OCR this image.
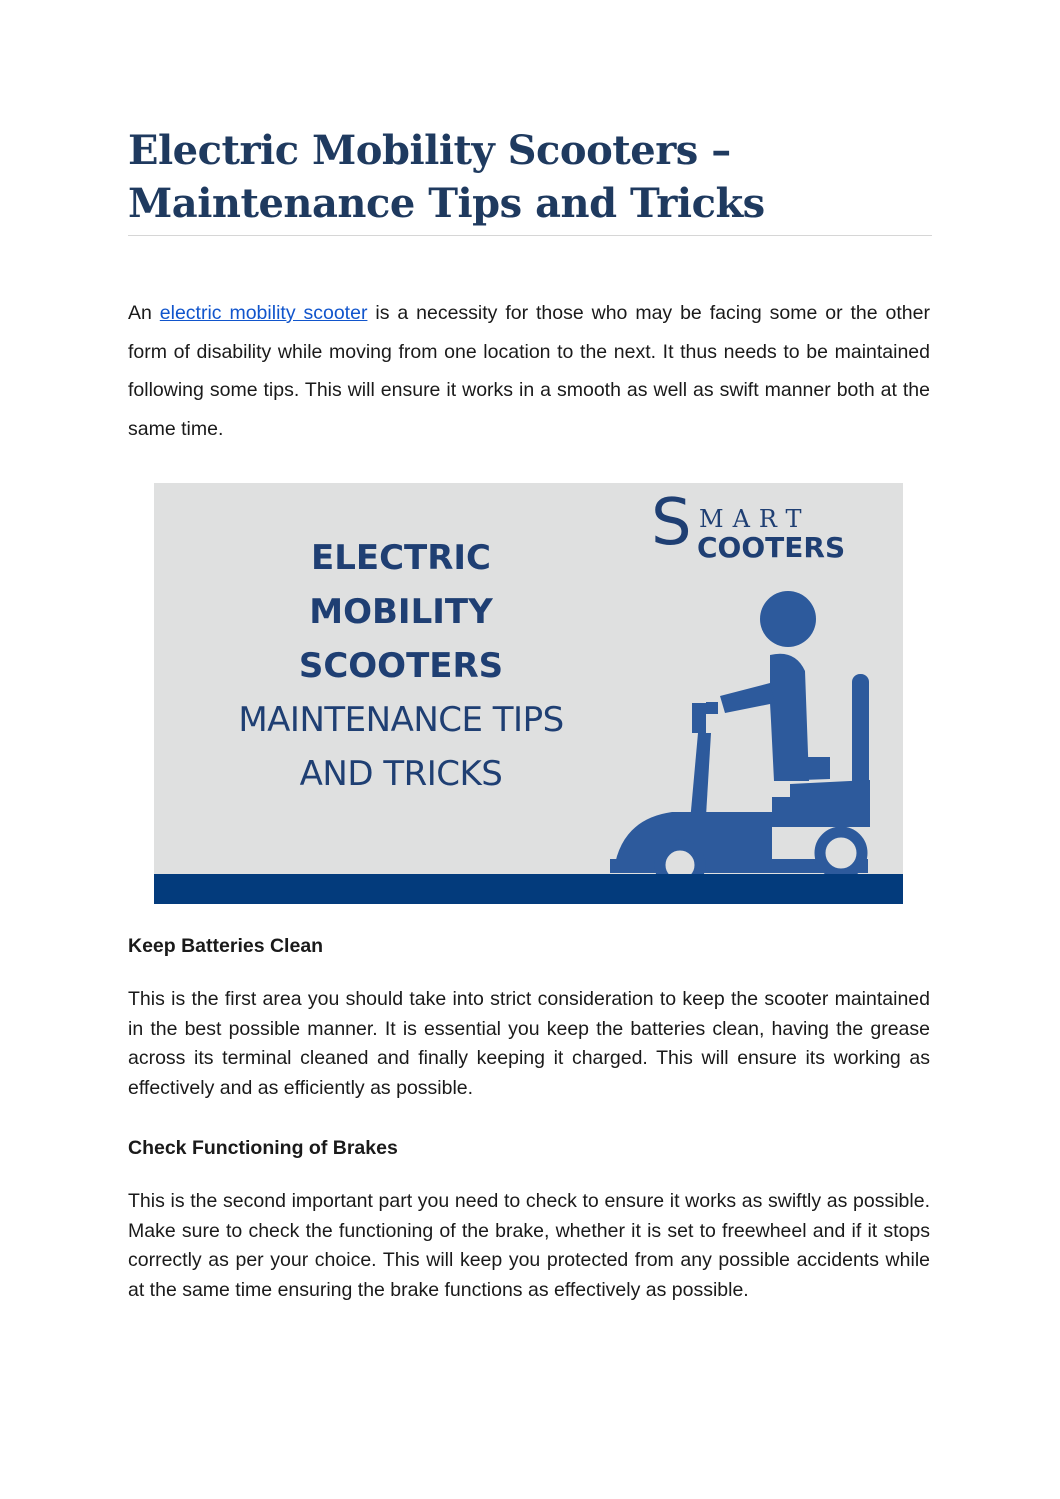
Electric Mobility Scooters – Maintenance Tips and Tricks

An electric mobility scooter is a necessity for those who may be facing some or the other form of disability while moving from one location to the next. It thus needs to be maintained following some tips. This will ensure it works in a smooth as well as swift manner both at the same time.

ELECTRIC
MOBILITY
SCOOTERS
MAINTENANCE TIPS
AND TRICKS
S MART
COOTERS
Keep Batteries Clean

This is the first area you should take into strict consideration to keep the scooter maintained in the best possible manner. It is essential you keep the batteries clean, having the grease across its terminal cleaned and finally keeping it charged. This will ensure its working as effectively and as efficiently as possible.

Check Functioning of Brakes

This is the second important part you need to check to ensure it works as swiftly as possible. Make sure to check the functioning of the brake, whether it is set to freewheel and if it stops correctly as per your choice. This will keep you protected from any possible accidents while at the same time ensuring the brake functions as effectively as possible.
